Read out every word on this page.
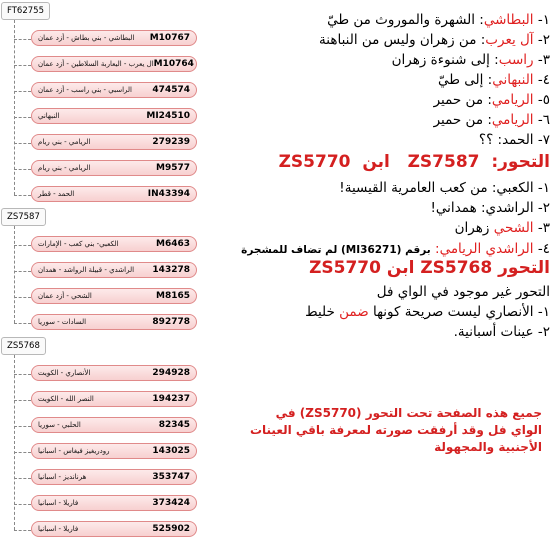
FT62755
البطاشي - بني بطاش - أزد عمان M10767
ال يعرب - اليعاربة السلاطين - أزد عمان M10764
الراسبي - بني راسب - أزد عمان 474574
النبهاني	MI24510
الريامي - بني ريام	279239
الريامي - بني ريام	M9577
الحمد - قطر	IN43394
ZS7587
الكعبي- بني كعب - الإمارات	M6463
الراشدي - قبيلة الرواشد - همدان 143278
الشحي - أزد عمان	M8165
السادات - سوريا	892778
ZS5768
الأنصاري - الكويت	294928
النصر الله - الكويت	194237
الحلبي - سوريا	82345
رودريغيز فيغاس - اسبانيا	143025
هرنانديز - اسبانيا	353747
فاريلا - اسبانيا	373424
فاريلا - اسبانيا	525902
١- البطاشي: الشهرة والموروث من طيّ
٢- آل يعرب: من زهران وليس من النباهنة
٣- راسب: إلى شنوءة زهران
٤- النبهاني: إلى طيّ
٥- الريامي: من حمير
٦- الريامي: من حمير
٧- الحمد: ؟؟
التحور:  ZS7587   ابن  ZS5770
١- الكعبي: من كعب العامرية القيسية!
٢- الراشدي: همداني!
٣- الشحي زهران
٤- الراشدي الريامي: برقم (MI36271) لم تضاف للمشجرة
التحور ZS5768 ابن ZS5770
التحور غير موجود في الواي فل
١- الأنصاري ليست صريحة كونها ضمن خليط
٢- عينات أسبانية.
جميع هذه الصفحة تحت التحور (ZS5770) في الواي فل وقد أرفقت صورته لمعرفة باقي العينات الأجنبية والمجهولة
